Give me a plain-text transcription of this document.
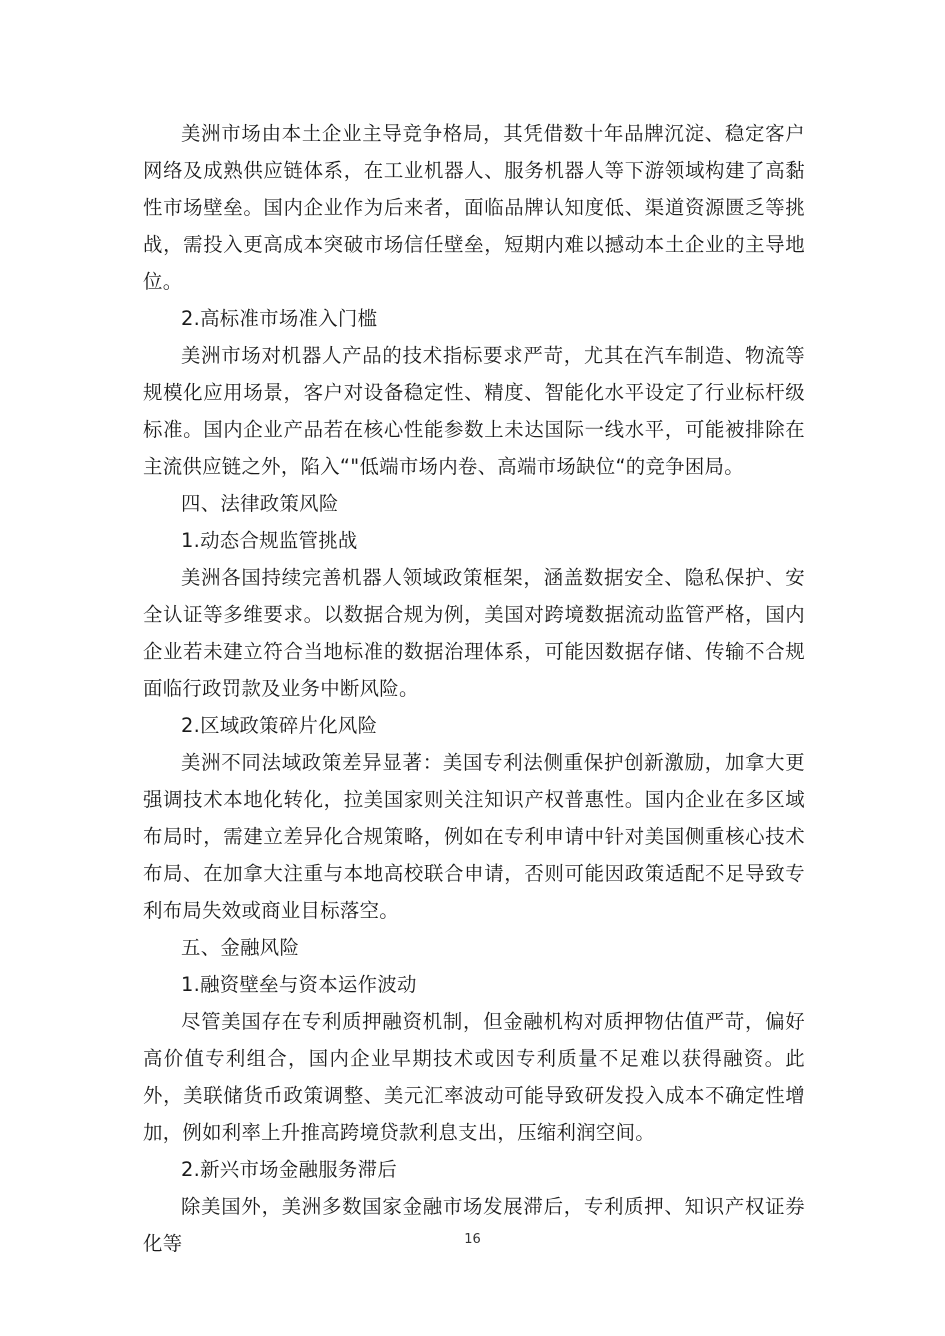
美洲市场由本土企业主导竞争格局，其凭借数十年品牌沉淀、稳定客户网络及成熟供应链体系，在工业机器人、服务机器人等下游领域构建了高黏性市场壁垒。国内企业作为后来者，面临品牌认知度低、渠道资源匮乏等挑战，需投入更高成本突破市场信任壁垒，短期内难以撼动本土企业的主导地位。

2.高标准市场准入门槛

美洲市场对机器人产品的技术指标要求严苛，尤其在汽车制造、物流等规模化应用场景，客户对设备稳定性、精度、智能化水平设定了行业标杆级标准。国内企业产品若在核心性能参数上未达国际一线水平，可能被排除在主流供应链之外，陷入“"低端市场内卷、高端市场缺位“的竞争困局。

四、法律政策风险

1.动态合规监管挑战

美洲各国持续完善机器人领域政策框架，涵盖数据安全、隐私保护、安全认证等多维要求。以数据合规为例，美国对跨境数据流动监管严格，国内企业若未建立符合当地标准的数据治理体系，可能因数据存储、传输不合规面临行政罚款及业务中断风险。

2.区域政策碎片化风险

美洲不同法域政策差异显著：美国专利法侧重保护创新激励，加拿大更强调技术本地化转化，拉美国家则关注知识产权普惠性。国内企业在多区域布局时，需建立差异化合规策略，例如在专利申请中针对美国侧重核心技术布局、在加拿大注重与本地高校联合申请，否则可能因政策适配不足导致专利布局失效或商业目标落空。

五、金融风险

1.融资壁垒与资本运作波动

尽管美国存在专利质押融资机制，但金融机构对质押物估值严苛，偏好高价值专利组合，国内企业早期技术或因专利质量不足难以获得融资。此外，美联储货币政策调整、美元汇率波动可能导致研发投入成本不确定性增加，例如利率上升推高跨境贷款利息支出，压缩利润空间。

2.新兴市场金融服务滞后

除美国外，美洲多数国家金融市场发展滞后，专利质押、知识产权证券化等	16
